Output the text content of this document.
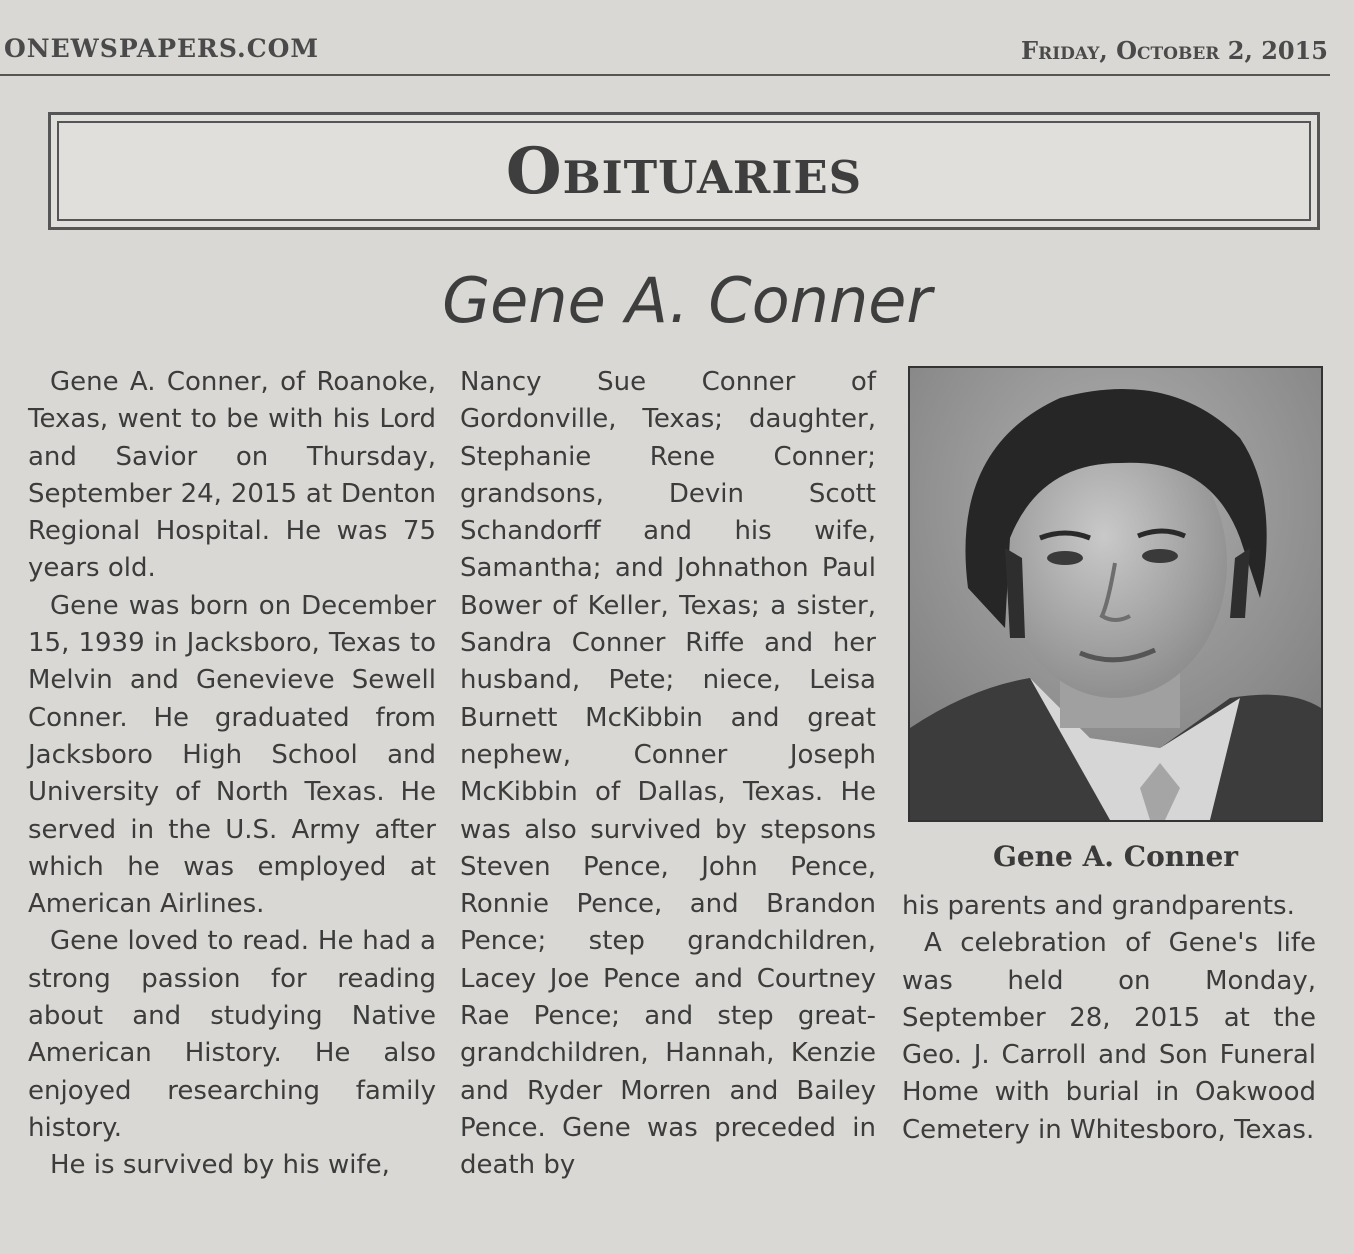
ONEWSPAPERS.COM	Friday, October 2, 2015
Obituaries
Gene A. Conner

Gene A. Conner, of Roanoke, Texas, went to be with his Lord and Savior on Thursday, September 24, 2015 at Denton Regional Hospital. He was 75 years old.

Gene was born on December 15, 1939 in Jacksboro, Texas to Melvin and Genevieve Sewell Conner. He graduated from Jacksboro High School and University of North Texas. He served in the U.S. Army after which he was employed at American Airlines.

Gene loved to read. He had a strong passion for reading about and studying Native American History. He also enjoyed researching family history.

He is survived by his wife,

Nancy Sue Conner of Gordonville, Texas; daughter, Stephanie Rene Conner; grandsons, Devin Scott Schandorff and his wife, Samantha; and Johnathon Paul Bower of Keller, Texas; a sister, Sandra Conner Riffe and her husband, Pete; niece, Leisa Burnett McKibbin and great nephew, Conner Joseph McKibbin of Dallas, Texas. He was also survived by stepsons Steven Pence, John Pence, Ronnie Pence, and Brandon Pence; step grandchildren, Lacey Joe Pence and Courtney Rae Pence; and step great-grandchildren, Hannah, Kenzie and Ryder Morren and Bailey Pence. Gene was preceded in death by

Gene A. Conner

his parents and grandparents.

A celebration of Gene's life was held on Monday, September 28, 2015 at the Geo. J. Carroll and Son Funeral Home with burial in Oakwood Cemetery in Whitesboro, Texas.
